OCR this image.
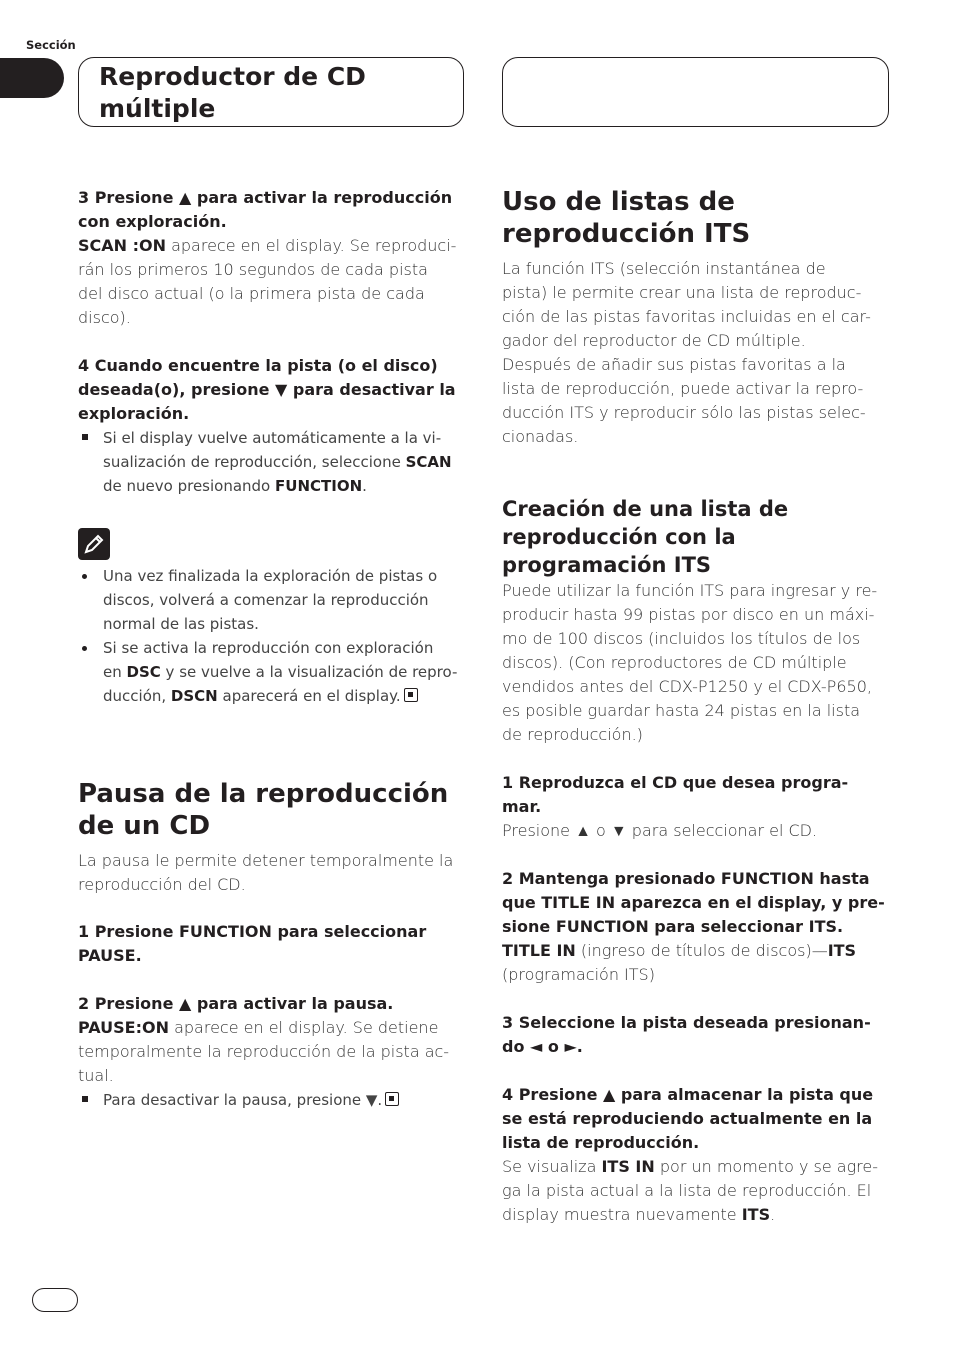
Sección
Reproductor de CD
múltiple

3 Presione ▲ para activar la reproducción
con exploración.

SCAN :ON aparece en el display. Se reproduci-
rán los primeros 10 segundos de cada pista
del disco actual (o la primera pista de cada
disco).

4 Cuando encuentre la pista (o el disco)
deseada(o), presione ▼ para desactivar la
exploración.

Si el display vuelve automáticamente a la vi-
sualización de reproducción, seleccione SCAN
de nuevo presionando FUNCTION.

Una vez finalizada la exploración de pistas o
discos, volverá a comenzar la reproducción
normal de las pistas.

Si se activa la reproducción con exploración
en DSC y se vuelve a la visualización de repro-
ducción, DSCN aparecerá en el display.

Pausa de la reproducción
de un CD

La pausa le permite detener temporalmente la
reproducción del CD.

1 Presione FUNCTION para seleccionar
PAUSE.

2 Presione ▲ para activar la pausa.

PAUSE:ON aparece en el display. Se detiene
temporalmente la reproducción de la pista ac-
tual.

Para desactivar la pausa, presione ▼.

Uso de listas de
reproducción ITS

La función ITS (selección instantánea de
pista) le permite crear una lista de reproduc-
ción de las pistas favoritas incluidas en el car-
gador del reproductor de CD múltiple.
Después de añadir sus pistas favoritas a la
lista de reproducción, puede activar la repro-
ducción ITS y reproducir sólo las pistas selec-
cionadas.

Creación de una lista de
reproducción con la
programación ITS

Puede utilizar la función ITS para ingresar y re-
producir hasta 99 pistas por disco en un máxi-
mo de 100 discos (incluidos los títulos de los
discos). (Con reproductores de CD múltiple
vendidos antes del CDX-P1250 y el CDX-P650,
es posible guardar hasta 24 pistas en la lista
de reproducción.)

1 Reproduzca el CD que desea progra-
mar.

Presione ▲ o ▼ para seleccionar el CD.

2 Mantenga presionado FUNCTION hasta
que TITLE IN aparezca en el display, y pre-
sione FUNCTION para seleccionar ITS.

TITLE IN (ingreso de títulos de discos)—ITS
(programación ITS)

3 Seleccione la pista deseada presionan-
do ◄ o ►.

4 Presione ▲ para almacenar la pista que
se está reproduciendo actualmente en la
lista de reproducción.

Se visualiza ITS IN por un momento y se agre-
ga la pista actual a la lista de reproducción. El
display muestra nuevamente ITS.
